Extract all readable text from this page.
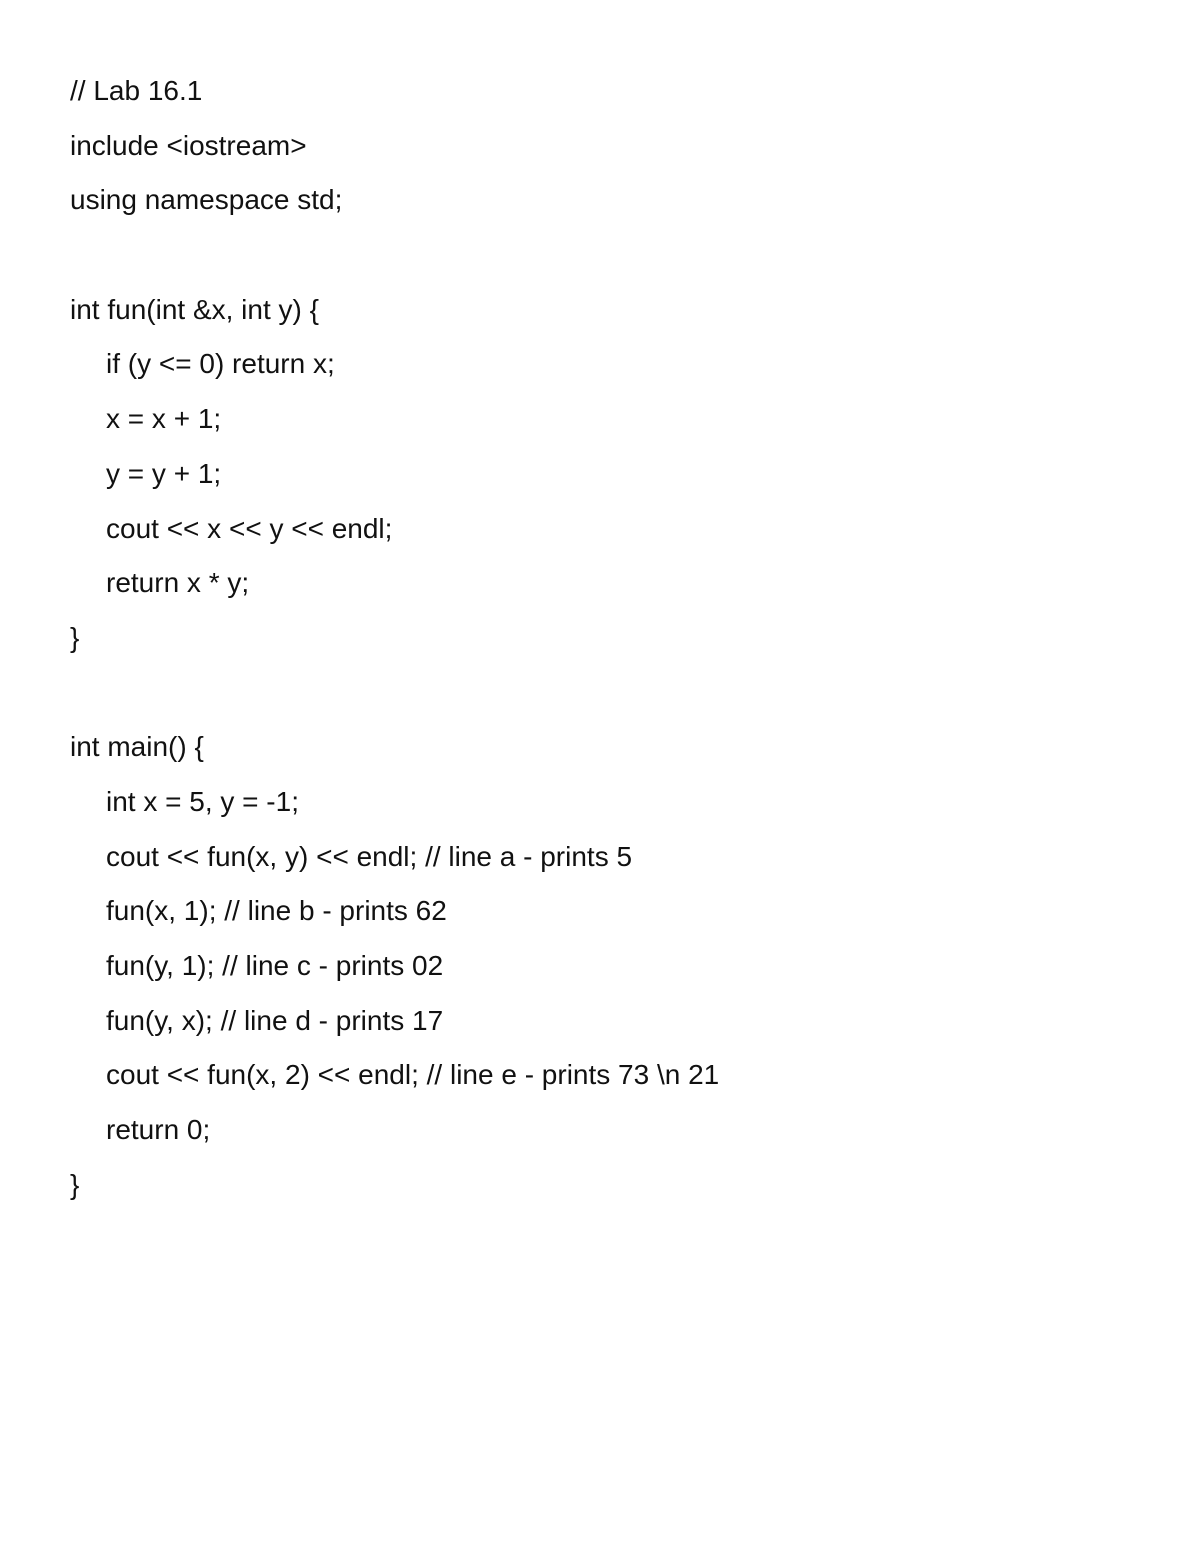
// Lab 16.1
include <iostream>
using namespace std;
int fun(int &x, int y) {
if (y <= 0) return x;
x = x + 1;
y = y + 1;
cout << x << y << endl;
return x * y;
}
int main() {
int x = 5, y = -1;
cout << fun(x, y) << endl; // line a - prints 5
fun(x, 1); // line b - prints 62
fun(y, 1); // line c - prints 02
fun(y, x); // line d - prints 17
cout << fun(x, 2) << endl; // line e - prints 73 \n 21
return 0;
}
